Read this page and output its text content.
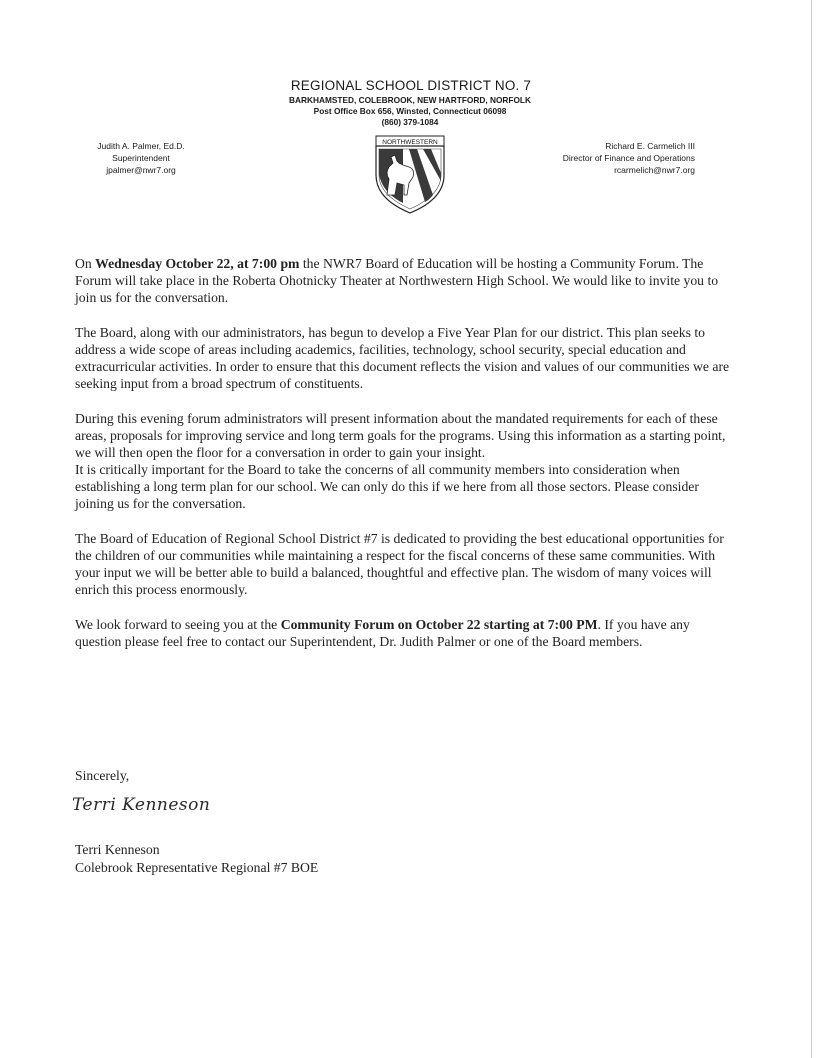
REGIONAL SCHOOL DISTRICT NO. 7
BARKHAMSTED, COLEBROOK, NEW HARTFORD, NORFOLK
Post Office Box 656, Winsted, Connecticut 06098
(860) 379-1084
Judith A. Palmer, Ed.D.
Superintendent
jpalmer@nwr7.org
NORTHWESTERN	Richard E. Carmelich III
Director of Finance and Operations
rcarmelich@nwr7.org

On Wednesday October 22, at 7:00 pm the NWR7 Board of Education will be hosting a Community Forum. The Forum will take place in the Roberta Ohotnicky Theater at Northwestern High School. We would like to invite you to join us for the conversation.

The Board, along with our administrators, has begun to develop a Five Year Plan for our district. This plan seeks to address a wide scope of areas including academics, facilities, technology, school security, special education and extracurricular activities. In order to ensure that this document reflects the vision and values of our communities we are seeking input from a broad spectrum of constituents.

During this evening forum administrators will present information about the mandated requirements for each of these areas, proposals for improving service and long term goals for the programs. Using this information as a starting point, we will then open the floor for a conversation in order to gain your insight.

It is critically important for the Board to take the concerns of all community members into consideration when establishing a long term plan for our school. We can only do this if we here from all those sectors. Please consider joining us for the conversation.

The Board of Education of Regional School District #7 is dedicated to providing the best educational opportunities for the children of our communities while maintaining a respect for the fiscal concerns of these same communities. With your input we will be better able to build a balanced, thoughtful and effective plan. The wisdom of many voices will enrich this process enormously.

We look forward to seeing you at the Community Forum on October 22 starting at 7:00 PM. If you have any question please feel free to contact our Superintendent, Dr. Judith Palmer or one of the Board members.

Sincerely,
Terri Kenneson
Terri Kenneson
Colebrook Representative Regional #7 BOE
